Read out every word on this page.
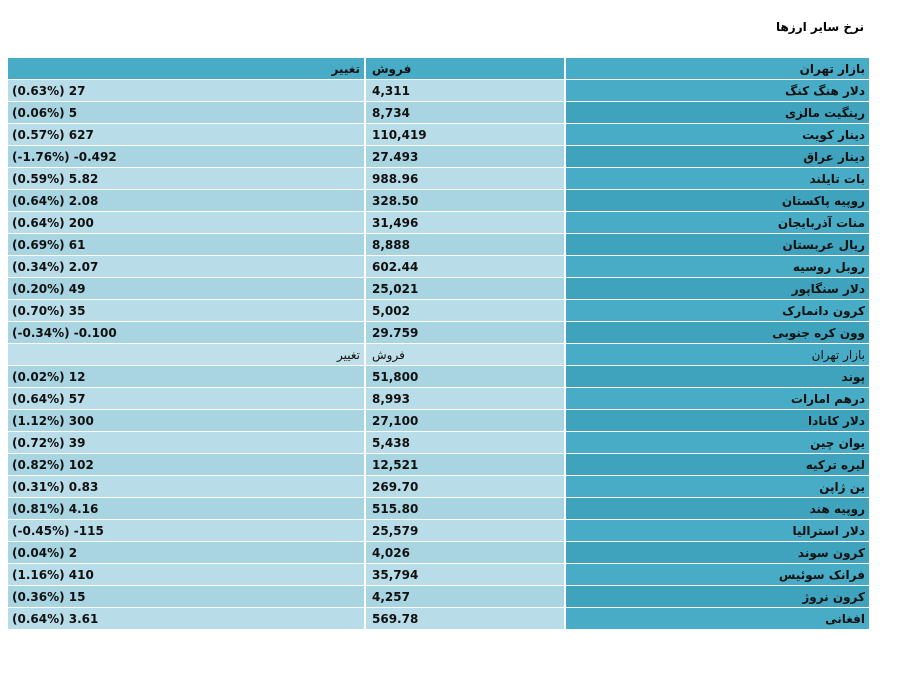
نرخ سایر ارزها
تغییر	فروش	بازار تهران
(0.63%) 27	4,311	دلار هنگ کنگ
(0.06%) 5	8,734	رینگیت مالزی
(0.57%) 627	110,419	دینار کویت
(-1.76%) -0.492	27.493	دینار عراق
(0.59%) 5.82	988.96	بات تایلند
(0.64%) 2.08	328.50	روپیه پاکستان
(0.64%) 200	31,496	منات آذربایجان
(0.69%) 61	8,888	ریال عربستان
(0.34%) 2.07	602.44	روبل روسیه
(0.20%) 49	25,021	دلار سنگاپور
(0.70%) 35	5,002	کرون دانمارک
(-0.34%) -0.100	29.759	وون کره جنوبی
تغییر	فروش	بازار تهران
(0.02%) 12	51,800	پوند
(0.64%) 57	8,993	درهم امارات
(1.12%) 300	27,100	دلار کانادا
(0.72%) 39	5,438	یوان چین
(0.82%) 102	12,521	لیره ترکیه
(0.31%) 0.83	269.70	ین ژاپن
(0.81%) 4.16	515.80	روپیه هند
(-0.45%) -115	25,579	دلار استرالیا
(0.04%) 2	4,026	کرون سوند
(1.16%) 410	35,794	فرانک سوئیس
(0.36%) 15	4,257	کرون نروژ
(0.64%) 3.61	569.78	افغانی
